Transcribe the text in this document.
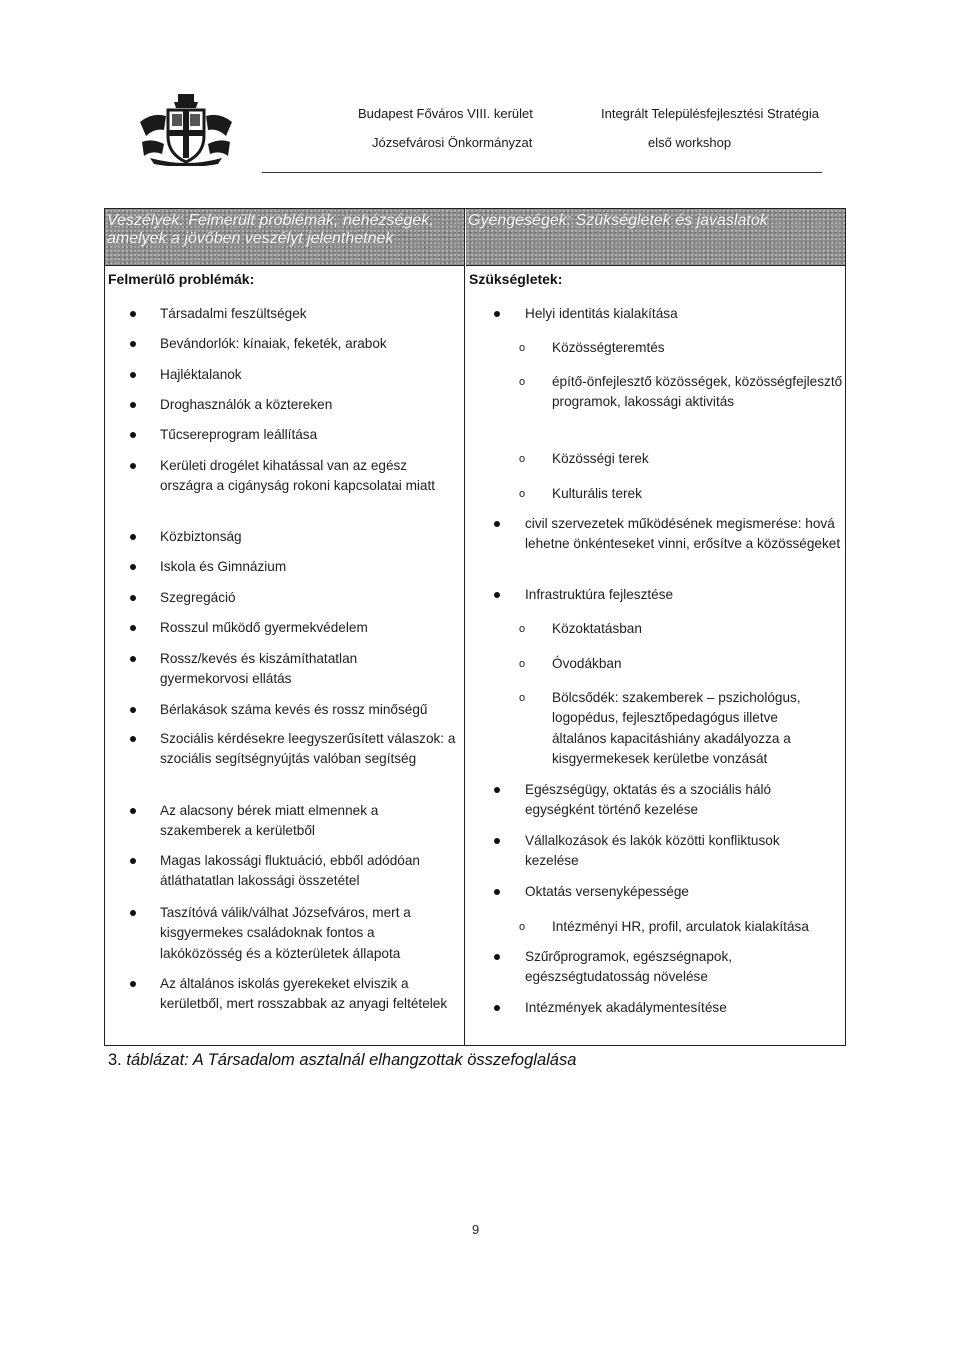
Budapest Főváros VIII. kerület
Józsefvárosi Önkormányzat
Integrált Településfejlesztési Stratégia
első workshop
Veszélyek: Felmerült problémák, nehézségek,
amelyek a jövőben veszélyt jelenthetnek
Gyengeségek: Szükségletek és javaslatok
Felmerülő problémák:	Szükségletek:
Társadalmi feszültségek
Bevándorlók: kínaiak, feketék, arabok
Hajléktalanok
Droghasználók a köztereken
Tűcsereprogram leállítása
Kerületi drogélet kihatással van az egész országra a cigányság rokoni kapcsolatai miatt
Közbiztonság
Iskola és Gimnázium
Szegregáció
Rosszul működő gyermekvédelem
Rossz/kevés és kiszámíthatatlan gyermekorvosi ellátás
Bérlakások száma kevés és rossz minőségű
Szociális kérdésekre leegyszerűsített válaszok: a szociális segítségnyújtás valóban segítség
Az alacsony bérek miatt elmennek a szakemberek a kerületből
Magas lakossági fluktuáció, ebből adódóan átláthatatlan lakossági összetétel
Taszítóvá válik/válhat Józsefváros, mert a kisgyermekes családoknak fontos a lakóközösség és a közterületek állapota
Az általános iskolás gyerekeket elviszik a kerületből, mert rosszabbak az anyagi feltételek
Helyi identitás kialakítása
o Közösségteremtés
o építő-önfejlesztő közösségek, közösségfejlesztő programok, lakossági aktivitás
o Közösségi terek
o Kulturális terek
civil szervezetek működésének megismerése: hová lehetne önkénteseket vinni, erősítve a közösségeket
Infrastruktúra fejlesztése
o Közoktatásban
o Óvodákban
o Bölcsődék: szakemberek – pszichológus, logopédus, fejlesztőpedagógus illetve általános kapacitáshiány akadályozza a kisgyermekesek kerületbe vonzását
Egészségügy, oktatás és a szociális háló egységként történő kezelése
Vállalkozások és lakók közötti konfliktusok kezelése
Oktatás versenyképessége
o Intézményi HR, profil, arculatok kialakítása
Szűrőprogramok, egészségnapok, egészségtudatosság növelése
Intézmények akadálymentesítése
3. táblázat: A Társadalom asztalnál elhangzottak összefoglalása
9
